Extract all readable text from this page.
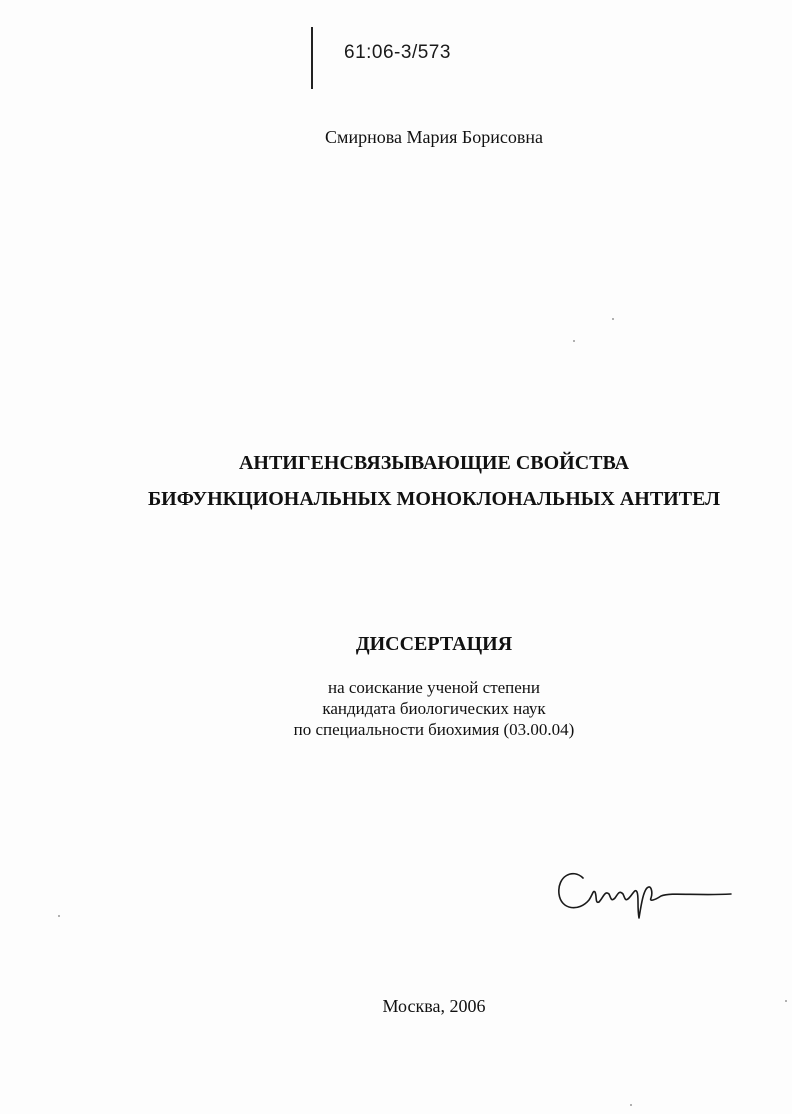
61:06-3/573
Смирнова Мария Борисовна
АНТИГЕНСВЯЗЫВАЮЩИЕ СВОЙСТВА
БИФУНКЦИОНАЛЬНЫХ МОНОКЛОНАЛЬНЫХ АНТИТЕЛ
ДИССЕРТАЦИЯ
на соискание ученой степени
кандидата биологических наук
по специальности биохимия (03.00.04)
Москва, 2006
